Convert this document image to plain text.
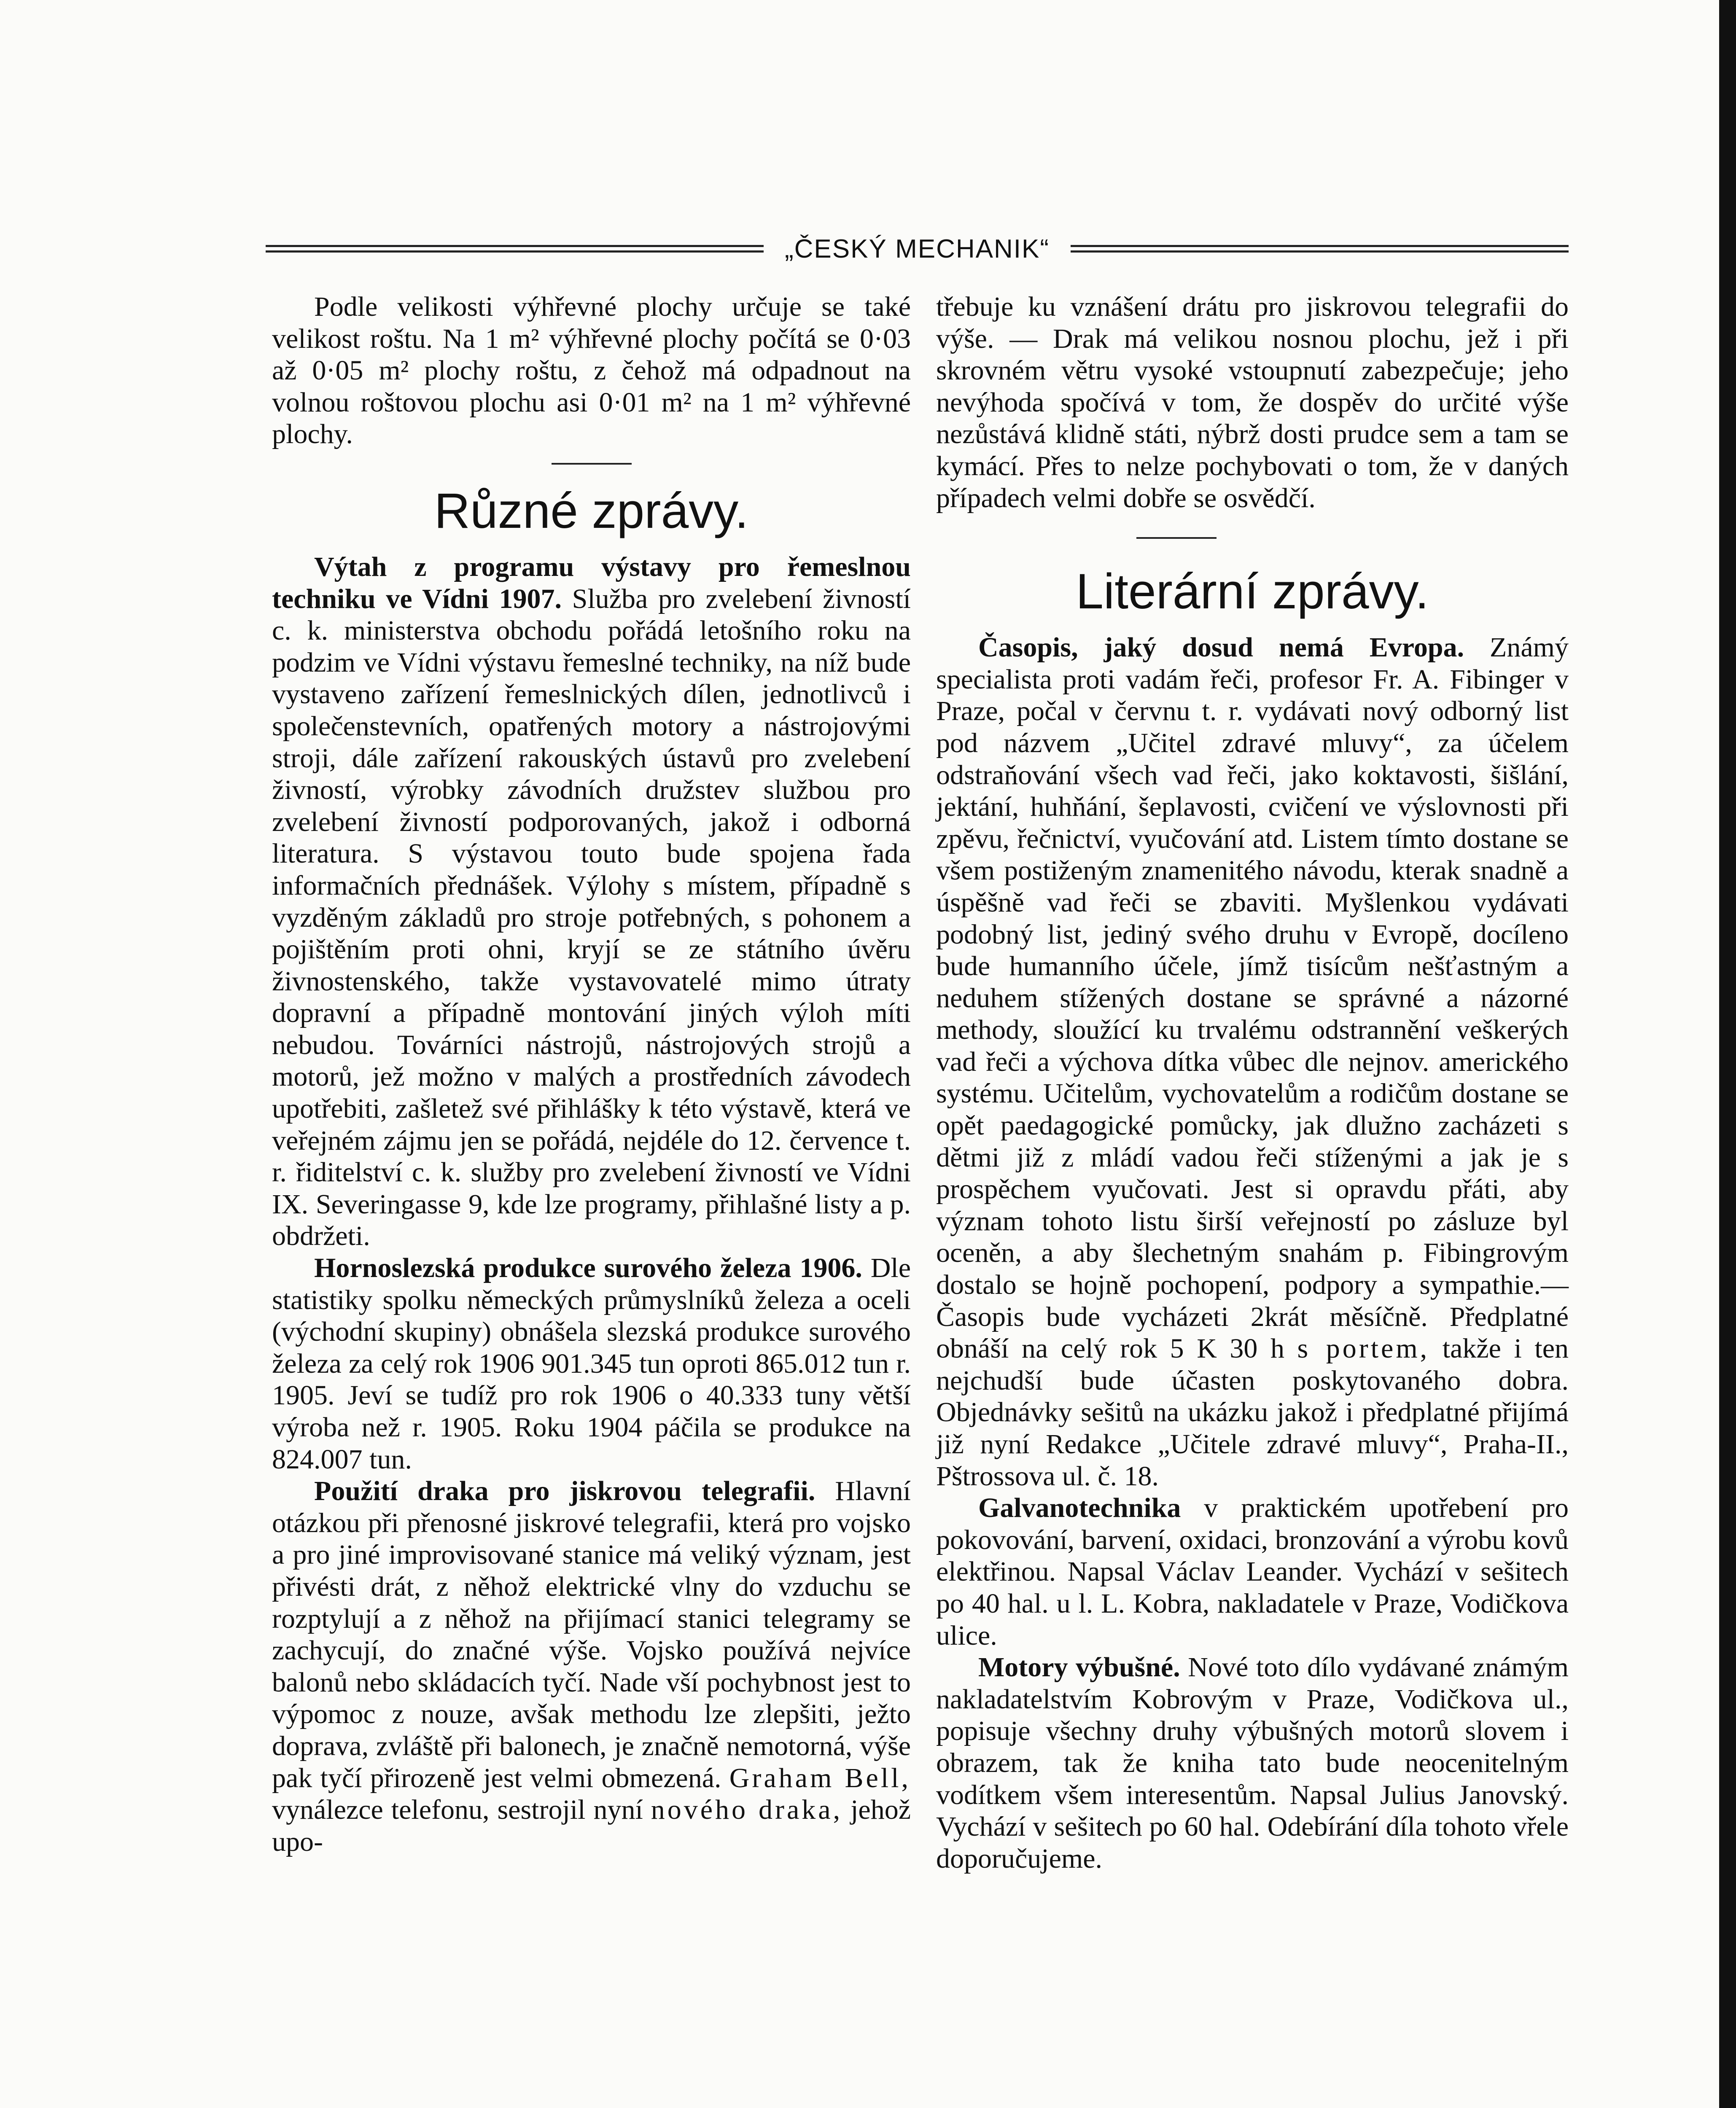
„ČESKÝ MECHANIK“

Podle velikosti výhřevné plochy určuje se také velikost roštu. Na 1 m² výhřevné plochy počítá se 0·03 až 0·05 m² plochy roštu, z čehož má odpadnout na volnou roštovou plochu asi 0·01 m² na 1 m² výhřevné plochy.

Různé zprávy.

Výtah z programu výstavy pro řemeslnou techniku ve Vídni 1907. Služba pro zvelebení živností c. k. ministerstva obchodu pořádá letošního roku na podzim ve Vídni výstavu řemeslné techniky, na níž bude vystaveno zařízení řemeslnických dílen, jednotlivců i společenstevních, opatřených motory a nástrojovými stroji, dále zařízení rakouských ústavů pro zvelebení živností, výrobky závodních družstev službou pro zvelebení živností podporovaných, jakož i odborná literatura. S výstavou touto bude spojena řada informačních přednášek. Výlohy s místem, případně s vyzděným základů pro stroje potřebných, s pohonem a pojištěním proti ohni, kryjí se ze státního úvěru živnostenského, takže vystavovatelé mimo útraty dopravní a případně montování jiných výloh míti nebudou. Továrníci nástrojů, nástrojových strojů a motorů, jež možno v malých a prostředních závodech upotřebiti, zašletež své přihlášky k této výstavě, která ve veřejném zájmu jen se pořádá, nejdéle do 12. července t. r. řiditelství c. k. služby pro zvelebení živností ve Vídni IX. Severingasse 9, kde lze programy, přihlašné listy a p. obdržeti.

Hornoslezská produkce surového železa 1906. Dle statistiky spolku německých průmyslníků železa a oceli (východní skupiny) obnášela slezská produkce surového železa za celý rok 1906 901.345 tun oproti 865.012 tun r. 1905. Jeví se tudíž pro rok 1906 o 40.333 tuny větší výroba než r. 1905. Roku 1904 páčila se produkce na 824.007 tun.

Použití draka pro jiskrovou telegrafii. Hlavní otázkou při přenosné jiskrové telegrafii, která pro vojsko a pro jiné improvisované stanice má veliký význam, jest přivésti drát, z něhož elektrické vlny do vzduchu se rozptylují a z něhož na přijímací stanici telegramy se zachycují, do značné výše. Vojsko používá nejvíce balonů nebo skládacích tyčí. Nade vší pochybnost jest to výpomoc z nouze, avšak methodu lze zlepšiti, ježto doprava, zvláště při balonech, je značně nemotorná, výše pak tyčí přirozeně jest velmi obmezená. Graham Bell, vynálezce telefonu, sestrojil nyní nového draka, jehož upo-

třebuje ku vznášení drátu pro jiskrovou telegrafii do výše. — Drak má velikou nosnou plochu, jež i při skrovném větru vysoké vstoupnutí zabezpečuje; jeho nevýhoda spočívá v tom, že dospěv do určité výše nezůstává klidně státi, nýbrž dosti prudce sem a tam se kymácí. Přes to nelze pochybovati o tom, že v daných případech velmi dobře se osvědčí.

Literární zprávy.

Časopis, jaký dosud nemá Evropa. Známý specialista proti vadám řeči, profesor Fr. A. Fibinger v Praze, počal v červnu t. r. vydávati nový odborný list pod názvem „Učitel zdravé mluvy“, za účelem odstraňování všech vad řeči, jako koktavosti, šišlání, jektání, huhňání, šeplavosti, cvičení ve výslovnosti při zpěvu, řečnictví, vyučování atd. Listem tímto dostane se všem postiženým znamenitého návodu, kterak snadně a úspěšně vad řeči se zbaviti. Myšlenkou vydávati podobný list, jediný svého druhu v Evropě, docíleno bude humanního účele, jímž tisícům nešťastným a neduhem stížených dostane se správné a názorné methody, sloužící ku trvalému odstrannění veškerých vad řeči a výchova dítka vůbec dle nejnov. amerického systému. Učitelům, vychovatelům a rodičům dostane se opět paedagogické pomůcky, jak dlužno zacházeti s dětmi již z mládí vadou řeči stíženými a jak je s prospěchem vyučovati. Jest si opravdu přáti, aby význam tohoto listu širší veřejností po zásluze byl oceněn, a aby šlechetným snahám p. Fibingrovým dostalo se hojně pochopení, podpory a sympathie.— Časopis bude vycházeti 2krát měsíčně. Předplatné obnáší na celý rok 5 K 30 h s portem, takže i ten nejchudší bude účasten poskytovaného dobra. Objednávky sešitů na ukázku jakož i předplatné přijímá již nyní Redakce „Učitele zdravé mluvy“, Praha-II., Pštrossova ul. č. 18.

Galvanotechnika v praktickém upotřebení pro pokovování, barvení, oxidaci, bronzování a výrobu kovů elektřinou. Napsal Václav Leander. Vychází v sešitech po 40 hal. u l. L. Kobra, nakladatele v Praze, Vodičkova ulice.

Motory výbušné. Nové toto dílo vydávané známým nakladatelstvím Kobrovým v Praze, Vodičkova ul., popisuje všechny druhy výbušných motorů slovem i obrazem, tak že kniha tato bude neocenitelným vodítkem všem interesentům. Napsal Julius Janovský. Vychází v sešitech po 60 hal. Odebírání díla tohoto vřele doporučujeme.
